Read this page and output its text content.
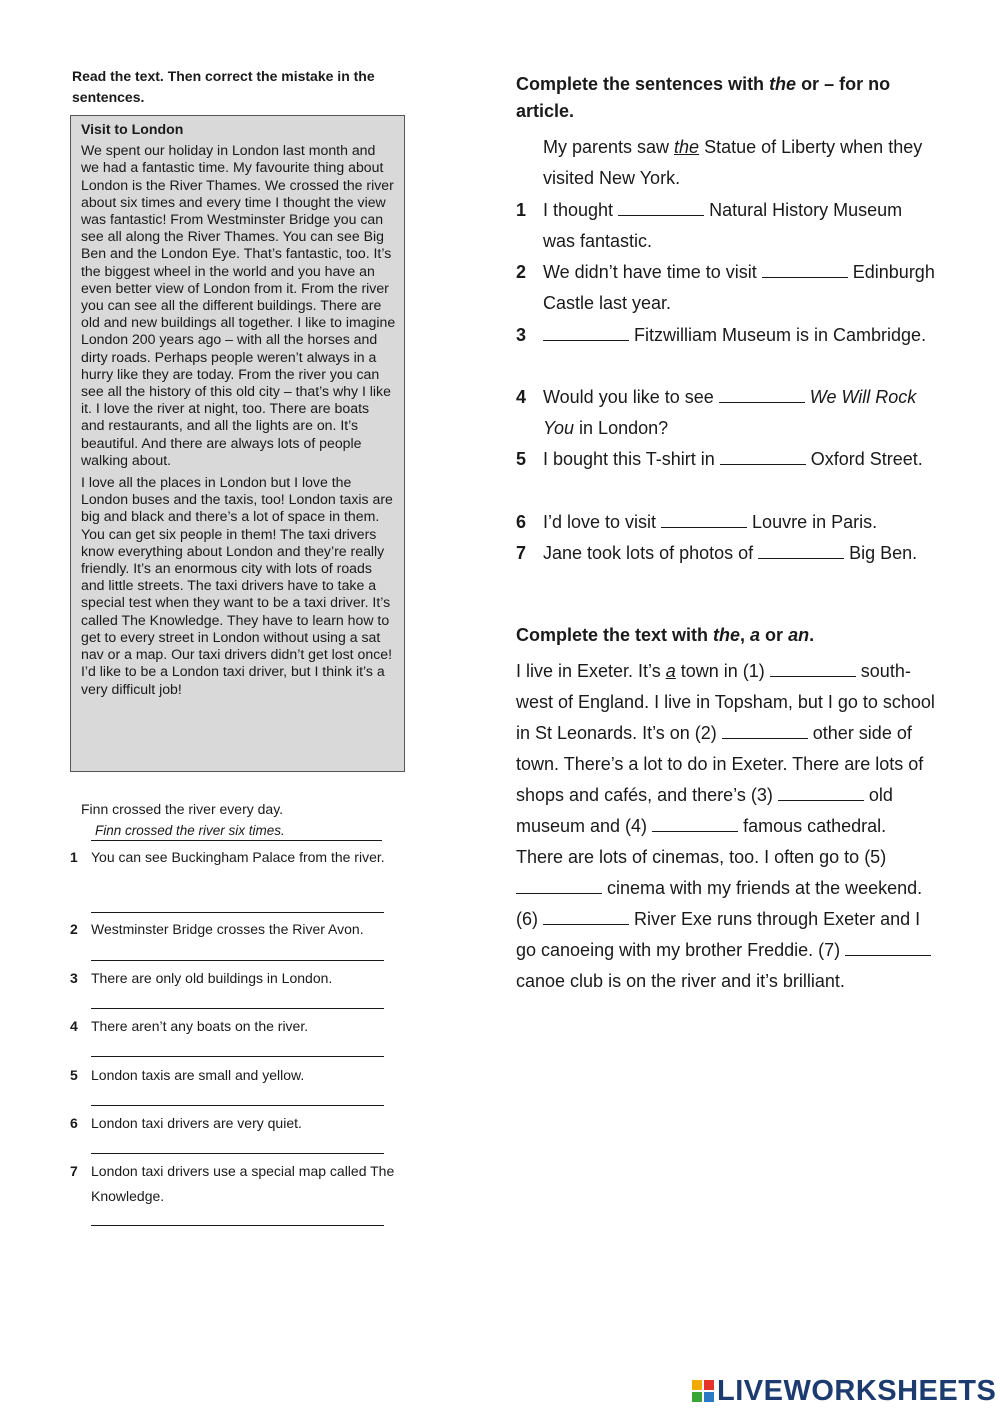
Read the text. Then correct the mistake in the sentences.
Visit to London

We spent our holiday in London last month and we had a fantastic time. My favourite thing about London is the River Thames. We crossed the river about six times and every time I thought the view was fantastic! From Westminster Bridge you can see all along the River Thames. You can see Big Ben and the London Eye. That’s fantastic, too. It’s the biggest wheel in the world and you have an even better view of London from it. From the river you can see all the different buildings. There are old and new buildings all together. I like to imagine London 200 years ago – with all the horses and dirty roads. Perhaps people weren’t always in a hurry like they are today. From the river you can see all the history of this old city – that’s why I like it. I love the river at night, too. There are boats and restaurants, and all the lights are on. It’s beautiful. And there are always lots of people walking about.

I love all the places in London but I love the London buses and the taxis, too! London taxis are big and black and there’s a lot of space in them. You can get six people in them! The taxi drivers know everything about London and they’re really friendly. It’s an enormous city with lots of roads and little streets. The taxi drivers have to take a special test when they want to be a taxi driver. It’s called The Knowledge. They have to learn how to get to every street in London without using a sat nav or a map. Our taxi drivers didn’t get lost once! I’d like to be a London taxi driver, but I think it’s a very difficult job!

Finn crossed the river every day.
Finn crossed the river six times.
1 You can see Buckingham Palace from the river.
2 Westminster Bridge crosses the River Avon.
3 There are only old buildings in London.
4 There aren’t any boats on the river.
5 London taxis are small and yellow.
6 London taxi drivers are very quiet.
7 London taxi drivers use a special map called The Knowledge.
Complete the sentences with the or – for no article.
My parents saw the Statue of Liberty when they visited New York.
1 I thought	Natural History Museum was fantastic.
2 We didn’t have time to visit	Edinburgh Castle last year.
3	Fitzwilliam Museum is in Cambridge.
4 Would you like to see	We Will Rock You in London?
5 I bought this T-shirt in	Oxford Street.
6 I’d love to visit	Louvre in Paris.
7 Jane took lots of photos of	Big Ben.
Complete the text with the, a or an.
I live in Exeter. It’s a town in (1)	south-west of England. I live in Topsham, but I go to school in St Leonards. It’s on (2)	other side of town. There’s a lot to do in Exeter. There are lots of shops and cafés, and there’s (3)	old museum and (4)	famous cathedral. There are lots of cinemas, too. I often go to (5)  cinema with my friends at the weekend. (6)	River Exe runs through Exeter and I go canoeing with my brother Freddie. (7)  canoe club is on the river and it’s brilliant.
LIVEWORKSHEETS
